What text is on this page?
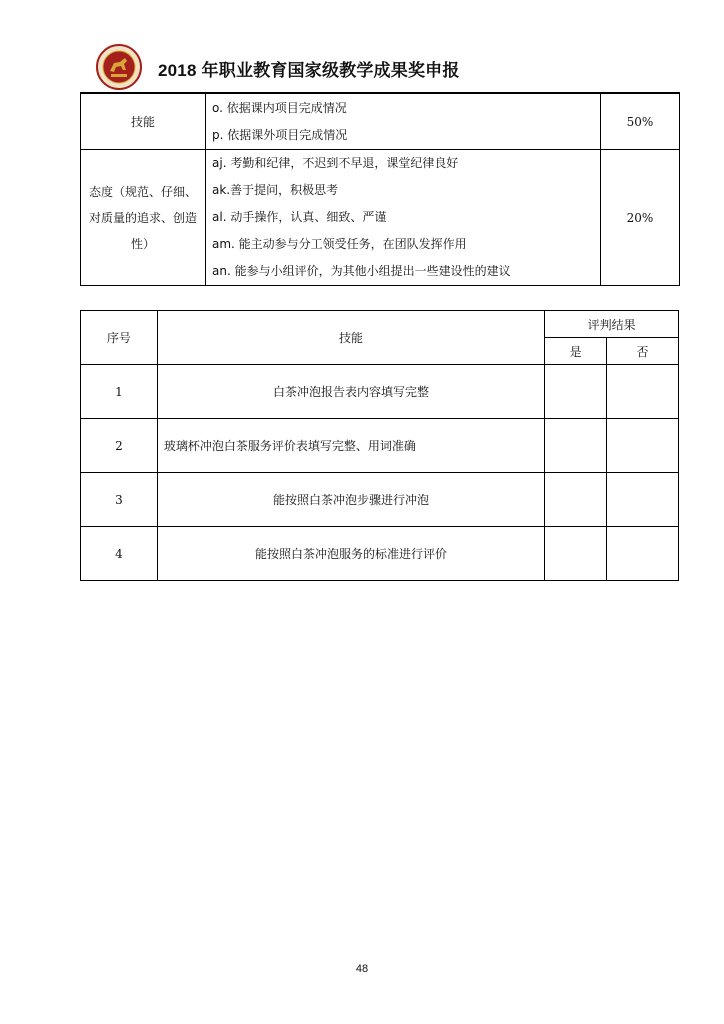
2018 年职业教育国家级教学成果奖申报
技能	o. 依据课内项目完成情况
p. 依据课外项目完成情况	50%
态度（规范、仔细、对质量的追求、创造性）	aj. 考勤和纪律，不迟到不早退，课堂纪律良好
ak.善于提问，积极思考
al. 动手操作，认真、细致、严谨
am. 能主动参与分工领受任务，在团队发挥作用
an. 能参与小组评价，为其他小组提出一些建设性的建议	20%
序号	技能	评判结果	
		是	否
1	白茶冲泡报告表内容填写完整		
2	玻璃杯冲泡白茶服务评价表填写完整、用词准确		
3	能按照白茶冲泡步骤进行冲泡		
4	能按照白茶冲泡服务的标准进行评价		
48
